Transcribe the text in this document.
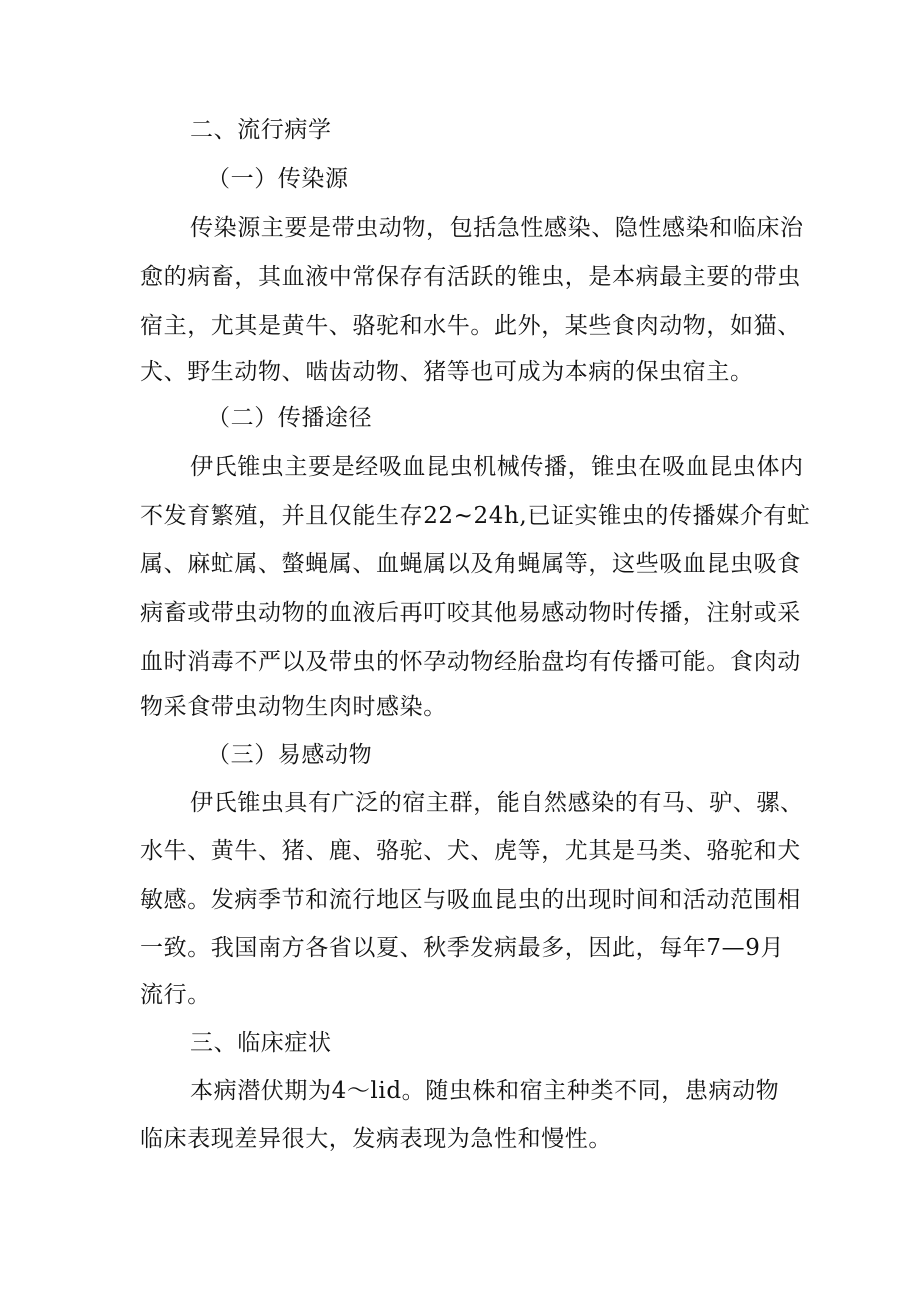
二、流行病学
（一）传染源
传染源主要是带虫动物，包括急性感染、隐性感染和临床治
愈的病畜，其血液中常保存有活跃的锥虫，是本病最主要的带虫
宿主，尤其是黄牛、骆驼和水牛。此外，某些食肉动物，如猫、
犬、野生动物、啮齿动物、猪等也可成为本病的保虫宿主。
（二）传播途径
伊氏锥虫主要是经吸血昆虫机械传播，锥虫在吸血昆虫体内
不发育繁殖，并且仅能生存22~24h,已证实锥虫的传播媒介有虻
属、麻虻属、螫蝇属、血蝇属以及角蝇属等，这些吸血昆虫吸食
病畜或带虫动物的血液后再叮咬其他易感动物时传播，注射或采
血时消毒不严以及带虫的怀孕动物经胎盘均有传播可能。食肉动
物采食带虫动物生肉时感染。
（三）易感动物
伊氏锥虫具有广泛的宿主群，能自然感染的有马、驴、骡、
水牛、黄牛、猪、鹿、骆驼、犬、虎等，尤其是马类、骆驼和犬
敏感。发病季节和流行地区与吸血昆虫的出现时间和活动范围相
一致。我国南方各省以夏、秋季发病最多，因此，每年7—9月
流行。
三、临床症状
本病潜伏期为4～lid。随虫株和宿主种类不同，患病动物
临床表现差异很大，发病表现为急性和慢性。
